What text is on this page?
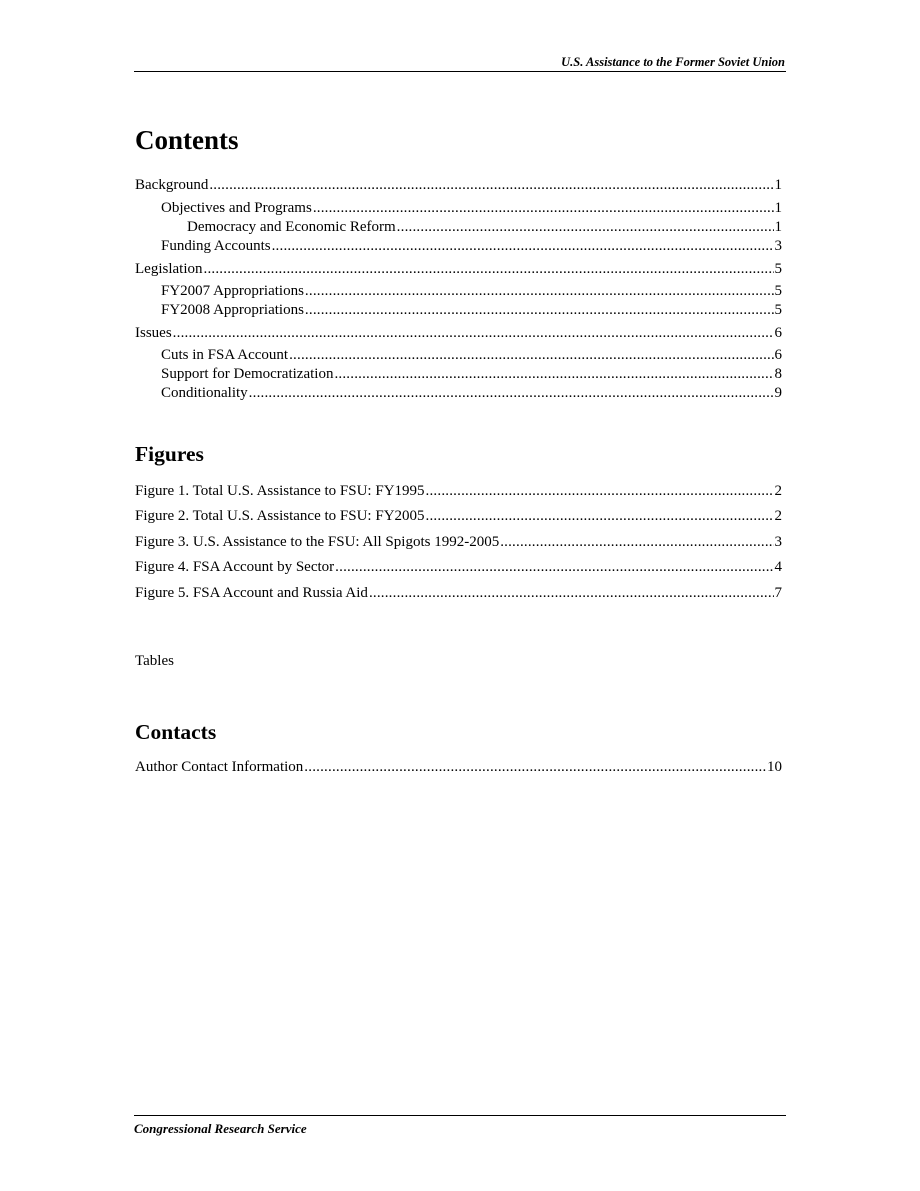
U.S. Assistance to the Former Soviet Union
Contents
Background .....	1
Objectives and Programs .....	1
Democracy and Economic Reform .....	1
Funding Accounts .....	3
Legislation .....	5
FY2007 Appropriations .....	5
FY2008 Appropriations .....	5
Issues .....	6
Cuts in FSA Account .....	6
Support for Democratization .....	8
Conditionality .....	9
Figures
Figure 1. Total U.S. Assistance to FSU: FY1995 .....	2
Figure 2. Total U.S. Assistance to FSU: FY2005 .....	2
Figure 3. U.S. Assistance to the FSU: All Spigots 1992-2005 .....	3
Figure 4. FSA Account by Sector .....	4
Figure 5. FSA Account and Russia Aid .....	7
Tables
Contacts
Author Contact Information .....	10
Congressional Research Service
